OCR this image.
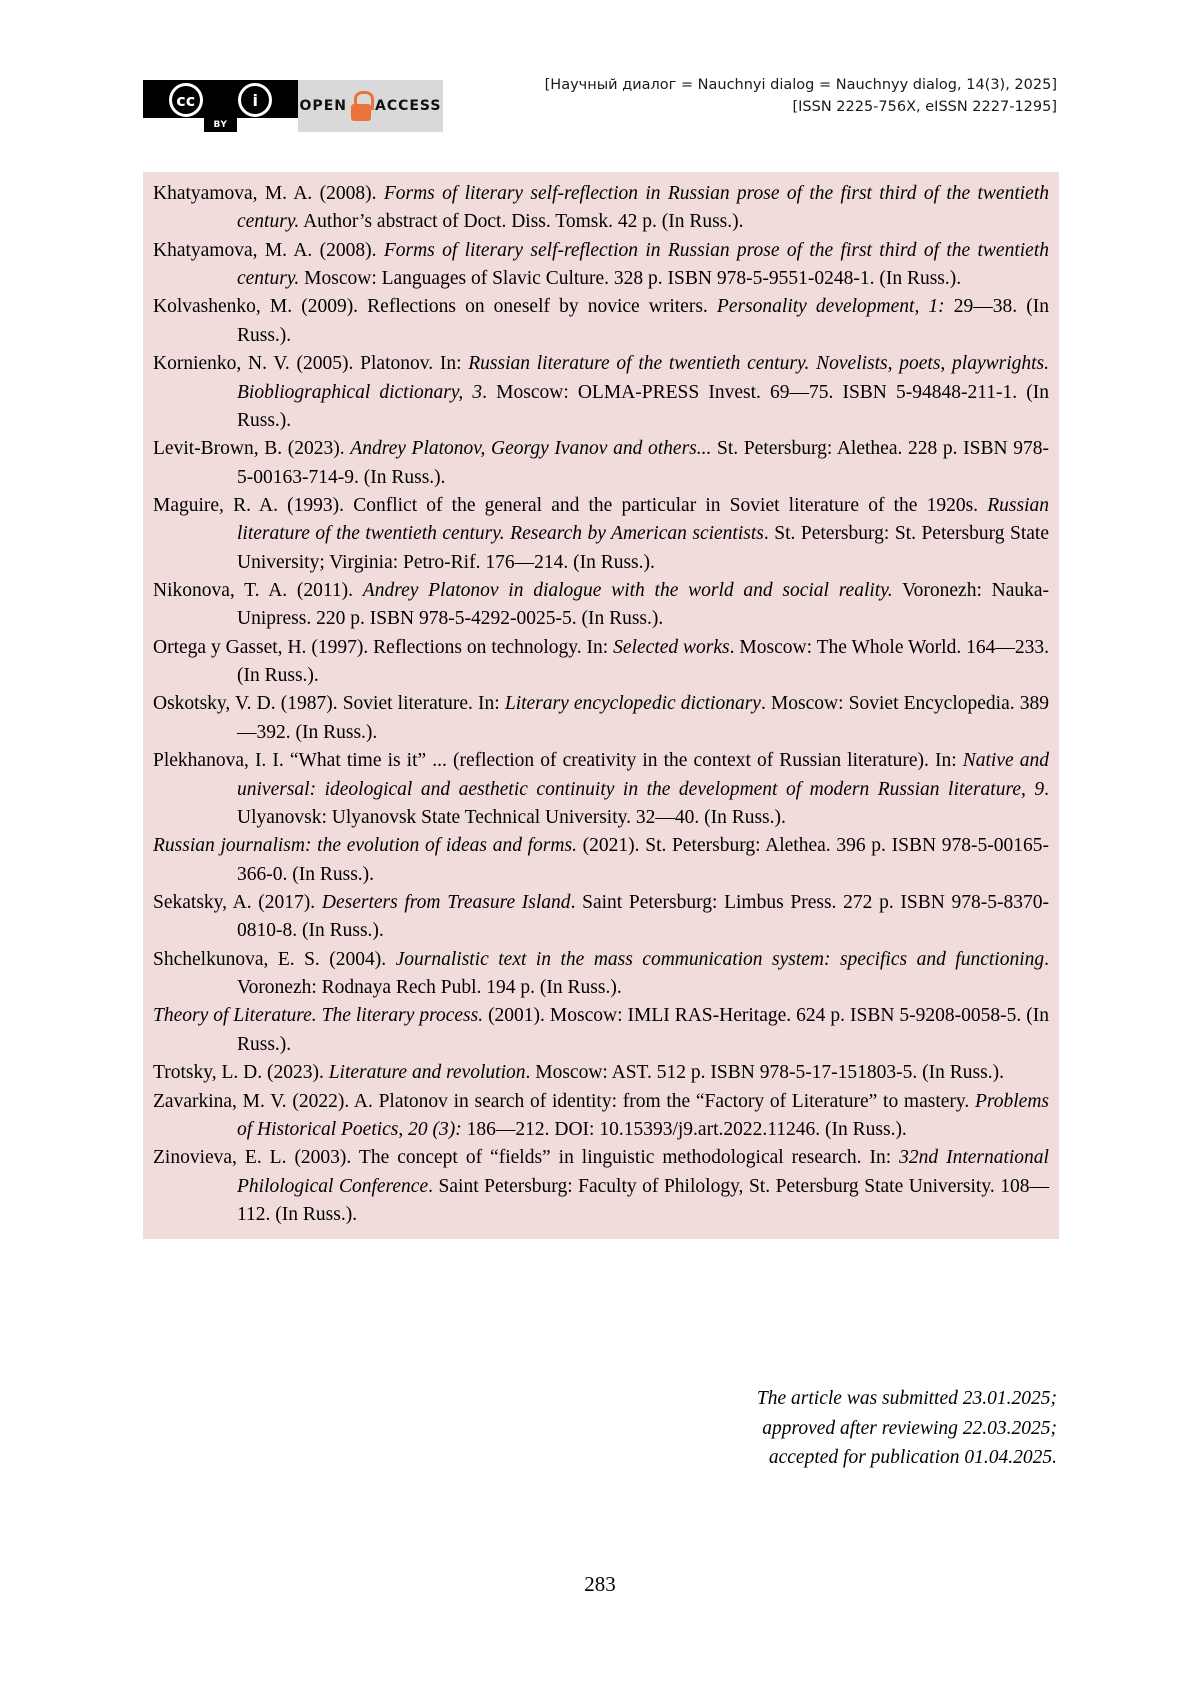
cc	i
BY
OPEN ACCESS
[Научный диалог = Nauchnyi dialog = Nauchnyy dialog, 14(3), 2025]
[ISSN 2225-756X, eISSN 2227-1295]

Khatyamova, M. A. (2008). Forms of literary self-reflection in Russian prose of the first third of the twentieth century. Author’s abstract of Doct. Diss. Tomsk. 42 p. (In Russ.).

Khatyamova, M. A. (2008). Forms of literary self-reflection in Russian prose of the first third of the twentieth century. Moscow: Languages of Slavic Culture. 328 p. ISBN 978-5-9551-0248-1. (In Russ.).

Kolvashenko, M. (2009). Reflections on oneself by novice writers. Personality development, 1: 29—38. (In Russ.).

Kornienko, N. V. (2005). Platonov. In: Russian literature of the twentieth century. Novelists, poets, playwrights. Biobliographical dictionary, 3. Moscow: OLMA-PRESS Invest. 69—75. ISBN 5-94848-211-1. (In Russ.).

Levit-Brown, B. (2023). Andrey Platonov, Georgy Ivanov and others... St. Petersburg: Alethea. 228 p. ISBN 978-5-00163-714-9. (In Russ.).

Maguire, R. A. (1993). Conflict of the general and the particular in Soviet literature of the 1920s. Russian literature of the twentieth century. Research by American scientists. St. Petersburg: St. Petersburg State University; Virginia: Petro-Rif. 176—214. (In Russ.).

Nikonova, T. A. (2011). Andrey Platonov in dialogue with the world and social reality. Voronezh: Nauka-Unipress. 220 p. ISBN 978-5-4292-0025-5. (In Russ.).

Ortega y Gasset, H. (1997). Reflections on technology. In: Selected works. Moscow: The Whole World. 164—233. (In Russ.).

Oskotsky, V. D. (1987). Soviet literature. In: Literary encyclopedic dictionary. Moscow: Soviet Encyclopedia. 389—392. (In Russ.).

Plekhanova, I. I. “What time is it” ... (reflection of creativity in the context of Russian literature). In: Native and universal: ideological and aesthetic continuity in the development of modern Russian literature, 9. Ulyanovsk: Ulyanovsk State Technical University. 32—40. (In Russ.).

Russian journalism: the evolution of ideas and forms. (2021). St. Petersburg: Alethea. 396 p. ISBN 978-5-00165-366-0. (In Russ.).

Sekatsky, A. (2017). Deserters from Treasure Island. Saint Petersburg: Limbus Press. 272 p. ISBN 978-5-8370-0810-8. (In Russ.).

Shchelkunova, E. S. (2004). Journalistic text in the mass communication system: specifics and functioning. Voronezh: Rodnaya Rech Publ. 194 p. (In Russ.).

Theory of Literature. The literary process. (2001). Moscow: IMLI RAS-Heritage. 624 p. ISBN 5-9208-0058-5. (In Russ.).

Trotsky, L. D. (2023). Literature and revolution. Moscow: AST. 512 p. ISBN 978-5-17-151803-5. (In Russ.).

Zavarkina, M. V. (2022). A. Platonov in search of identity: from the “Factory of Literature” to mastery. Problems of Historical Poetics, 20 (3): 186—212. DOI: 10.15393/j9.art.2022.11246. (In Russ.).

Zinovieva, E. L. (2003). The concept of “fields” in linguistic methodological research. In: 32nd International Philological Conference. Saint Petersburg: Faculty of Philology, St. Petersburg State University. 108—112. (In Russ.).

The article was submitted 23.01.2025;
approved after reviewing 22.03.2025;
accepted for publication 01.04.2025.
283
